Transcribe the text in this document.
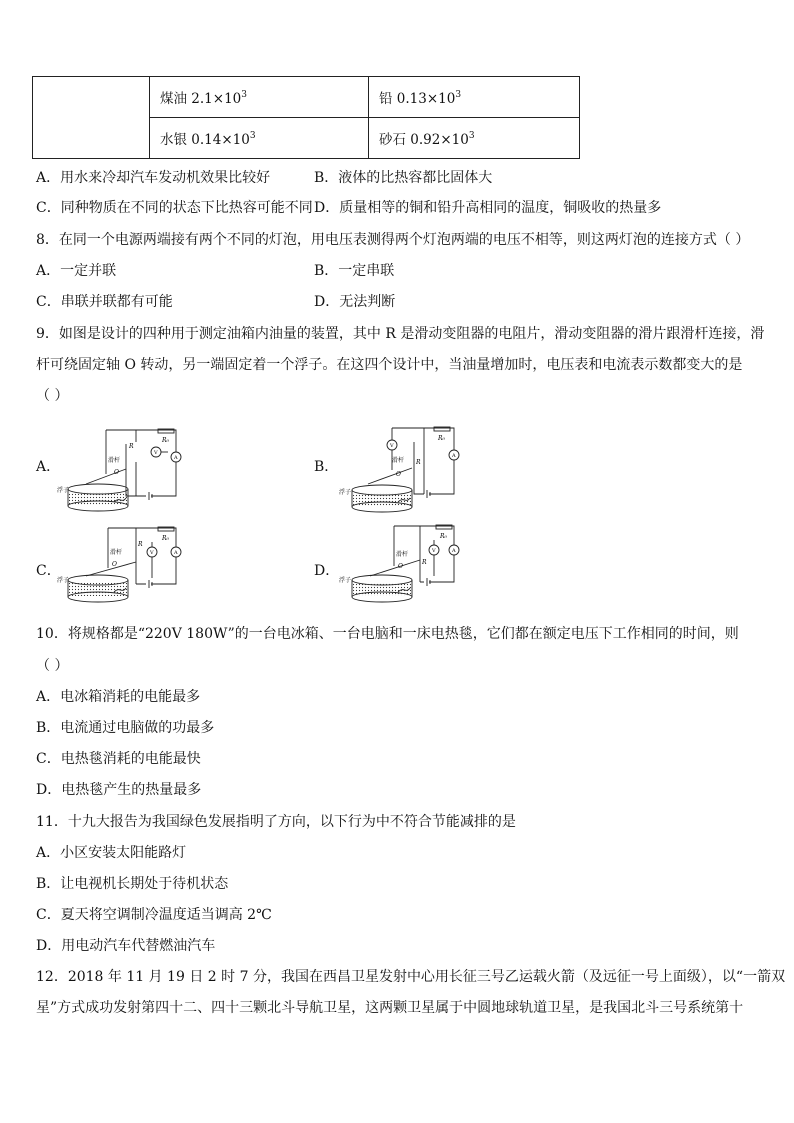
	煤油 $2.1\times 10^3$	铅 $0.13\times 10^3$
	水银 $0.14\times 10^3$	砂石 $0.92\times 10^3$
A．用水来冷却汽车发动机效果比较好	B．液体的比热容都比固体大
C．同种物质在不同的状态下比热容可能不同 D．质量相等的铜和铅升高相同的温度，铜吸收的热量多
8．在同一个电源两端接有两个不同的灯泡，用电压表测得两个灯泡两端的电压不相等，则这两灯泡的连接方式（ ）
A．一定并联	B．一定串联
C．串联并联都有可能	D．无法判断
9．如图是设计的四种用于测定油箱内油量的装置，其中 R 是滑动变阻器的电阻片，滑动变阻器的滑片跟滑杆连接，滑
杆可绕固定轴 O 转动，另一端固定着一个浮子。在这四个设计中，当油量增加时，电压表和电流表示数都变大的是
（ ）
A．	B．
C．	D．
浮子
滑杆
R
O
R₀
V
A
浮子
滑杆 R
O
R₀
V
A
浮子
滑杆
R
O
R₀
V	A
浮子
滑杆
R
O
R₀
V	A
10．将规格都是“220V 180W”的一台电冰箱、一台电脑和一床电热毯，它们都在额定电压下工作相同的时间，则
（ ）
A．电冰箱消耗的电能最多
B．电流通过电脑做的功最多
C．电热毯消耗的电能最快
D．电热毯产生的热量最多
11．十九大报告为我国绿色发展指明了方向，以下行为中不符合节能减排的是
A．小区安装太阳能路灯
B．让电视机长期处于待机状态
C．夏天将空调制冷温度适当调高 2℃
D．用电动汽车代替燃油汽车
12．2018 年 11 月 19 日 2 时 7 分，我国在西昌卫星发射中心用长征三号乙运载火箭（及远征一号上面级），以“一箭双
星”方式成功发射第四十二、四十三颗北斗导航卫星，这两颗卫星属于中圆地球轨道卫星，是我国北斗三号系统第十
